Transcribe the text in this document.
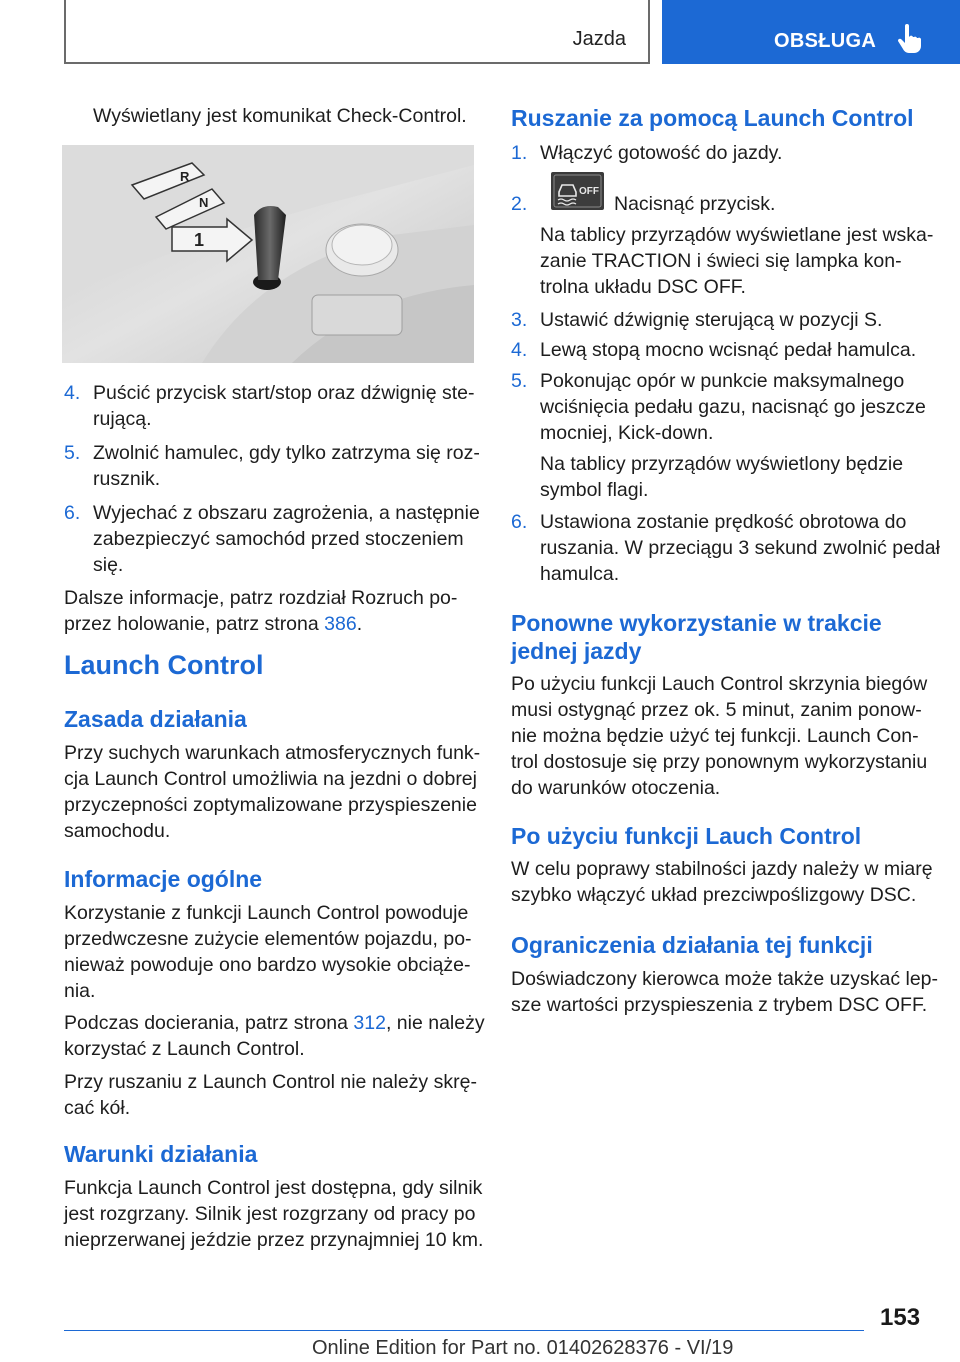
Jazda	OBSŁUGA
Wyświetlany jest komunikat Check-Control.
R
N
1
4. Puścić przycisk start/stop oraz dźwignię ste-
rującą.
5. Zwolnić hamulec, gdy tylko zatrzyma się roz-
rusznik.
6. Wyjechać z obszaru zagrożenia, a następnie
zabezpieczyć samochód przed stoczeniem
się.
Dalsze informacje, patrz rozdział Rozruch po-
przez holowanie, patrz strona 386.
Launch Control
Zasada działania
Przy suchych warunkach atmosferycznych funk-
cja Launch Control umożliwia na jezdni o dobrej
przyczepności zoptymalizowane przyspieszenie
samochodu.
Informacje ogólne
Korzystanie z funkcji Launch Control powoduje
przedwczesne zużycie elementów pojazdu, po-
nieważ powoduje ono bardzo wysokie obciąże-
nia.
Podczas docierania, patrz strona 312, nie należy
korzystać z Launch Control.
Przy ruszaniu z Launch Control nie należy skrę-
cać kół.
Warunki działania
Funkcja Launch Control jest dostępna, gdy silnik
jest rozgrzany. Silnik jest rozgrzany od pracy po
nieprzerwanej jeździe przez przynajmniej 10 km.
Ruszanie za pomocą Launch Control
1. Włączyć gotowość do jazdy.
2.
OFF
Nacisnąć przycisk.
Na tablicy przyrządów wyświetlane jest wska-
zanie TRACTION i świeci się lampka kon-
trolna układu DSC OFF.
3. Ustawić dźwignię sterującą w pozycji S.
4. Lewą stopą mocno wcisnąć pedał hamulca.
5. Pokonując opór w punkcie maksymalnego
wciśnięcia pedału gazu, nacisnąć go jeszcze
mocniej, Kick-down.
Na tablicy przyrządów wyświetlony będzie
symbol flagi.
6. Ustawiona zostanie prędkość obrotowa do
ruszania. W przeciągu 3 sekund zwolnić pedał
hamulca.
Ponowne wykorzystanie w trakcie
jednej jazdy
Po użyciu funkcji Lauch Control skrzynia biegów
musi ostygnąć przez ok. 5 minut, zanim ponow-
nie można będzie użyć tej funkcji. Launch Con-
trol dostosuje się przy ponownym wykorzystaniu
do warunków otoczenia.
Po użyciu funkcji Lauch Control
W celu poprawy stabilności jazdy należy w miarę
szybko włączyć układ prezciwpoślizgowy DSC.
Ograniczenia działania tej funkcji
Doświadczony kierowca może także uzyskać lep-
sze wartości przyspieszenia z trybem DSC OFF.
153
Online Edition for Part no. 01402628376 - VI/19
